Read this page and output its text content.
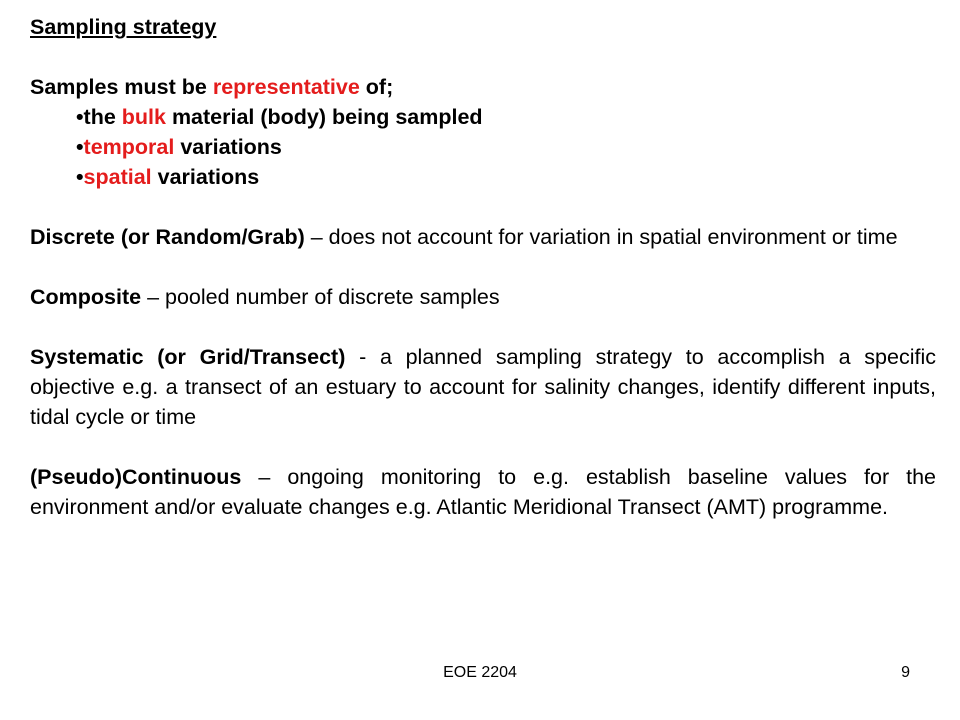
Sampling strategy
Samples must be representative of;
•the bulk material (body) being sampled
•temporal variations
•spatial variations

Discrete (or Random/Grab) – does not account for variation in spatial environment or time

Composite – pooled number of discrete samples

Systematic (or Grid/Transect) - a planned sampling strategy to accomplish a specific objective e.g. a transect of an estuary to account for salinity changes, identify different inputs, tidal cycle or time

(Pseudo)Continuous – ongoing monitoring to e.g. establish baseline values for the environment and/or evaluate changes e.g. Atlantic Meridional Transect (AMT) programme.

EOE 2204	9
